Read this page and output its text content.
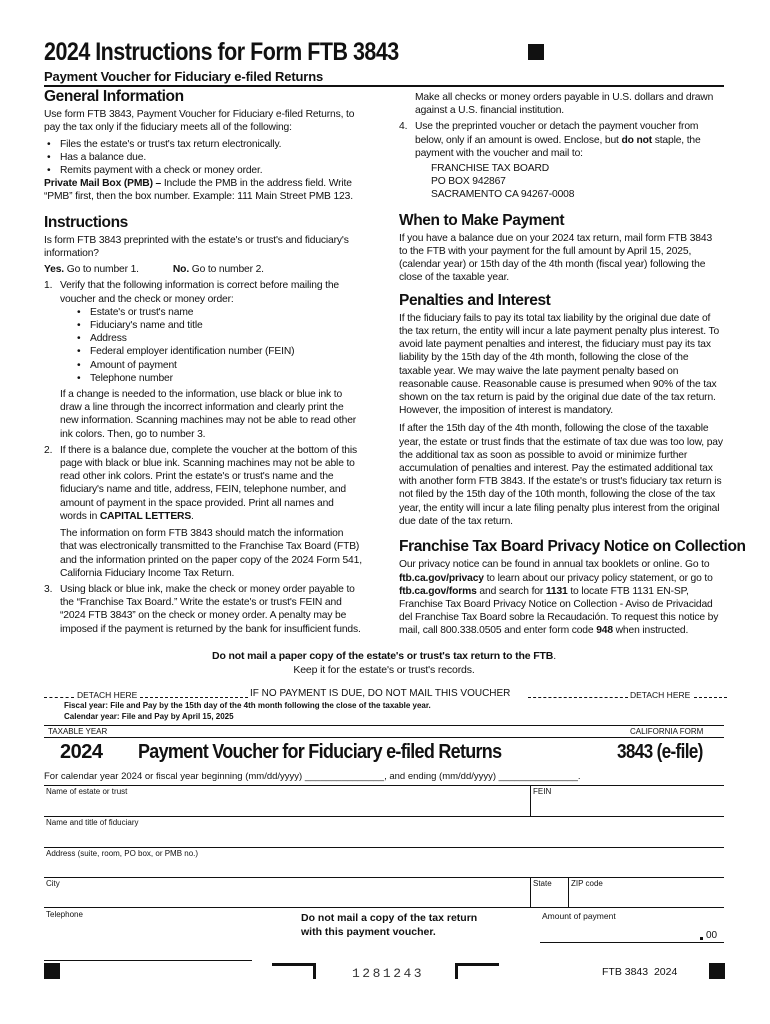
2024 Instructions for Form FTB 3843
Payment Voucher for Fiduciary e-filed Returns
General Information

Use form FTB 3843, Payment Voucher for Fiduciary e-filed Returns, to pay the tax only if the fiduciary meets all of the following:

• Files the estate's or trust's tax return electronically.
• Has a balance due.
• Remits payment with a check or money order.

Private Mail Box (PMB) – Include the PMB in the address field. Write “PMB” first, then the box number. Example: 111 Main Street PMB 123.

Instructions

Is form FTB 3843 preprinted with the estate's or trust's and fiduciary's information?

Yes. Go to number 1.	No. Go to number 2.

1. Verify that the following information is correct before mailing the voucher and the check or money order:
• Estate's or trust's name
• Fiduciary's name and title
• Address
• Federal employer identification number (FEIN)
• Amount of payment
• Telephone number
If a change is needed to the information, use black or blue ink to draw a line through the incorrect information and clearly print the new information. Scanning machines may not be able to read other ink colors. Then, go to number 3.
2. If there is a balance due, complete the voucher at the bottom of this page with black or blue ink. Scanning machines may not be able to read other ink colors. Print the estate's or trust's name and the fiduciary's name and title, address, FEIN, telephone number, and amount of payment in the space provided. Print all names and words in CAPITAL LETTERS.
The information on form FTB 3843 should match the information that was electronically transmitted to the Franchise Tax Board (FTB) and the information printed on the paper copy of the 2024 Form 541, California Fiduciary Income Tax Return.
3. Using black or blue ink, make the check or money order payable to the “Franchise Tax Board.” Write the estate's or trust's FEIN and “2024 FTB 3843” on the check or money order. A penalty may be imposed if the payment is returned by the bank for insufficient funds.
Make all checks or money orders payable in U.S. dollars and drawn against a U.S. financial institution.
4. Use the preprinted voucher or detach the payment voucher from below, only if an amount is owed. Enclose, but do not staple, the payment with the voucher and mail to:
FRANCHISE TAX BOARD
PO BOX 942867
SACRAMENTO CA 94267-0008
When to Make Payment

If you have a balance due on your 2024 tax return, mail form FTB 3843 to the FTB with your payment for the full amount by April 15, 2025, (calendar year) or 15th day of the 4th month (fiscal year) following the close of the taxable year.

Penalties and Interest

If the fiduciary fails to pay its total tax liability by the original due date of the tax return, the entity will incur a late payment penalty plus interest. To avoid late payment penalties and interest, the fiduciary must pay its tax liability by the 15th day of the 4th month, following the close of the taxable year. We may waive the late payment penalty based on reasonable cause. Reasonable cause is presumed when 90% of the tax shown on the tax return is paid by the original due date of the tax return. However, the imposition of interest is mandatory.

If after the 15th day of the 4th month, following the close of the taxable year, the estate or trust finds that the estimate of tax due was too low, pay the additional tax as soon as possible to avoid or minimize further accumulation of penalties and interest. Pay the estimated additional tax with another form FTB 3843. If the estate's or trust's fiduciary tax return is not filed by the 15th day of the 10th month, following the close of the tax year, the entity will incur a late filing penalty plus interest from the original due date of the tax return.

Franchise Tax Board Privacy Notice on Collection

Our privacy notice can be found in annual tax booklets or online. Go to ftb.ca.gov/privacy to learn about our privacy policy statement, or go to ftb.ca.gov/forms and search for 1131 to locate FTB 1131 EN-SP, Franchise Tax Board Privacy Notice on Collection - Aviso de Privacidad del Franchise Tax Board sobre la Recaudación. To request this notice by mail, call 800.338.0505 and enter form code 948 when instructed.

Do not mail a paper copy of the estate's or trust's tax return to the FTB.
Keep it for the estate's or trust's records.
DETACH HERE	IF NO PAYMENT IS DUE, DO NOT MAIL THIS VOUCHER	DETACH HERE
Fiscal year: File and Pay by the 15th day of the 4th month following the close of the taxable year.
Calendar year: File and Pay by April 15, 2025
TAXABLE YEAR	CALIFORNIA FORM
2024 Payment Voucher for Fiduciary e-filed Returns	3843 (e-file)
For calendar year 2024 or fiscal year beginning (mm/dd/yyyy) _______________, and ending (mm/dd/yyyy) _______________.
Name of estate or trust	FEIN
Name and title of fiduciary
Address (suite, room, PO box, or PMB no.)
City	State ZIP code
Telephone	Do not mail a copy of the tax return
with this payment voucher.
Amount of payment
00
1281243	FTB 3843  2024
